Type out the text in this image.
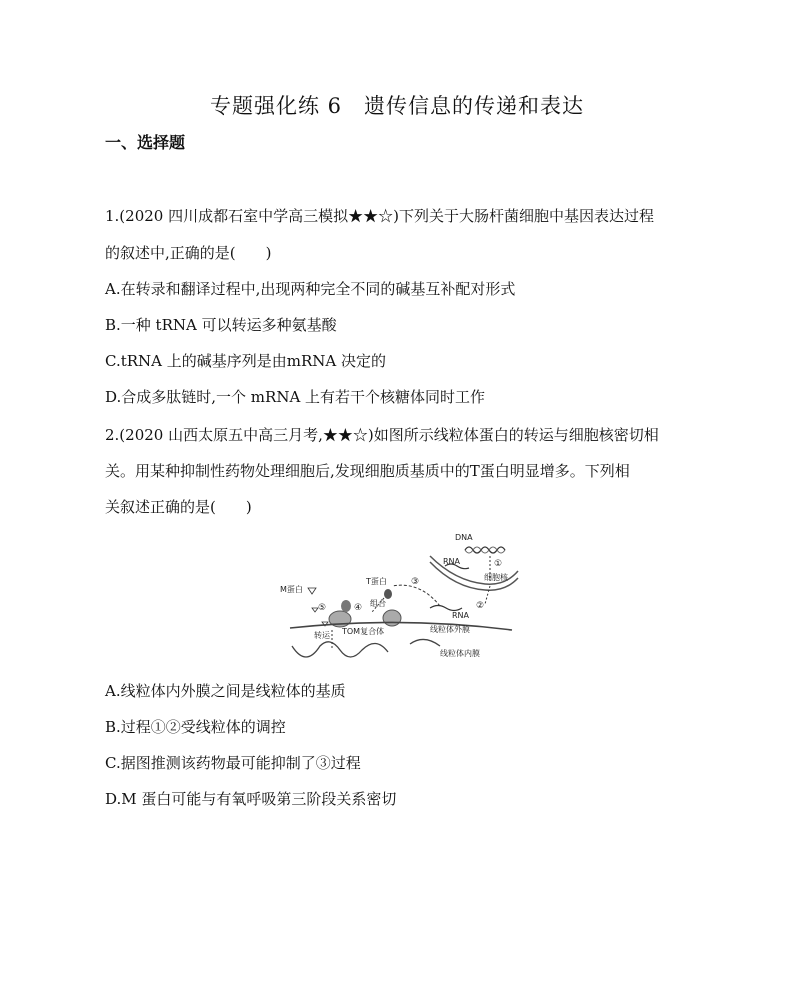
专题强化练 6　遗传信息的传递和表达
一、选择题
1.(2020 四川成都石室中学高三模拟★★☆)下列关于大肠杆菌细胞中基因表达过程
的叙述中,正确的是(　　)
A.在转录和翻译过程中,出现两种完全不同的碱基互补配对形式
B.一种 tRNA 可以转运多种氨基酸
C.tRNA 上的碱基序列是由mRNA 决定的
D.合成多肽链时,一个 mRNA 上有若干个核糖体同时工作
2.(2020 山西太原五中高三月考,★★☆)如图所示线粒体蛋白的转运与细胞核密切相
关。用某种抑制性药物处理细胞后,发现细胞质基质中的T蛋白明显增多。下列相
关叙述正确的是(　　)
DNA
RNA	①
细胞核
②
RNA
③
T蛋白
组合
M蛋白
⑤	④
转运 TOM复合体	线粒体外膜
线粒体内膜
A.线粒体内外膜之间是线粒体的基质
B.过程①②受线粒体的调控
C.据图推测该药物最可能抑制了③过程
D.M 蛋白可能与有氧呼吸第三阶段关系密切
